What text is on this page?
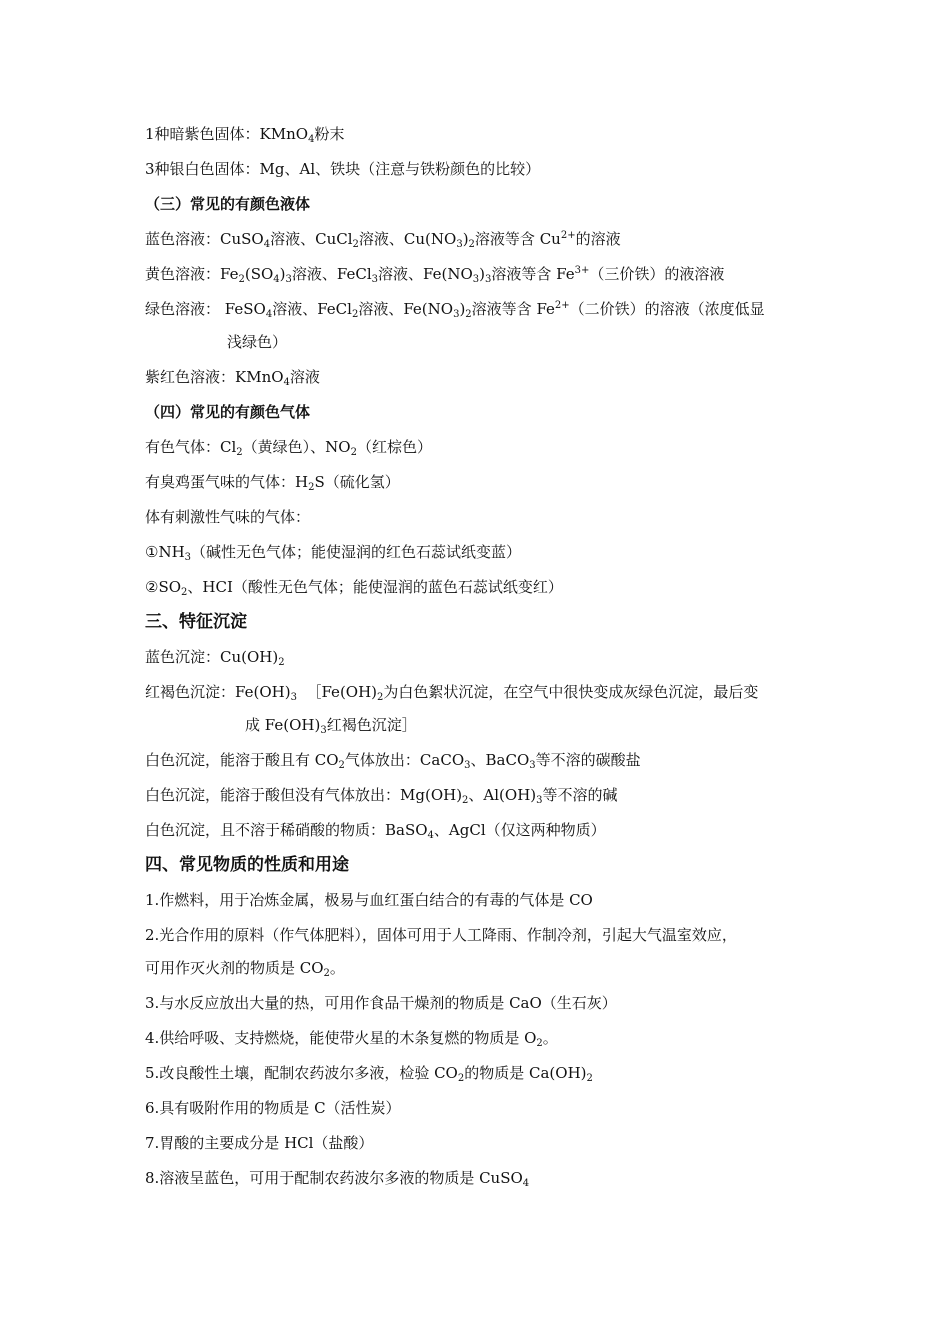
1种暗紫色固体：KMnO$_4$粉末
3种银白色固体：Mg、Al、铁块（注意与铁粉颜色的比较）
（三）常见的有颜色液体
蓝色溶液：CuSO$_4$溶液、CuCl$_2$溶液、$Cu(NO_3)_2$溶液等含 $Cu^{2+}$的溶液
黄色溶液：$Fe_2(SO_4)_3$溶液、FeCl$_3$溶液、$Fe(NO_3)_3$溶液等含 $Fe^{3+}$（三价铁）的液溶液
绿色溶液： FeSO$_4$溶液、FeCl$_2$溶液、$Fe(NO_3)_2$溶液等含 $Fe^{2+}$（二价铁）的溶液（浓度低显
浅绿色）
紫红色溶液：KMnO$_4$溶液
（四）常见的有颜色气体
有色气体：$Cl_2$（黄绿色）、$NO_2$（红棕色）
有臭鸡蛋气味的气体：$H_2S$（硫化氢）
体有刺激性气味的气体：
$①NH_3$（碱性无色气体；能使湿润的红色石蕊试纸变蓝）
$②SO_2$、HCI（酸性无色气体；能使湿润的蓝色石蕊试纸变红）
三、特征沉淀
蓝色沉淀：$Cu(OH)_2$
红褐色沉淀：$Fe(OH)_3$  $[Fe(OH)_2$为白色絮状沉淀，在空气中很快变成灰绿色沉淀，最后变
成 $Fe(OH)_3$红褐色沉淀］
白色沉淀，能溶于酸且有 $CO_2$气体放出：CaCO$_3$、BaCO$_3$等不溶的碳酸盐
白色沉淀，能溶于酸但没有气体放出：$Mg(OH)_2$、$Al(OH)_3$等不溶的碱
白色沉淀，且不溶于稀硝酸的物质：BaSO$_4$、AgCl（仅这两种物质）
四、常见物质的性质和用途
1.作燃料，用于冶炼金属，极易与血红蛋白结合的有毒的气体是 CO
2.光合作用的原料（作气体肥料），固体可用于人工降雨、作制冷剂，引起大气温室效应，
可用作灭火剂的物质是 $CO_2$。
3.与水反应放出大量的热，可用作食品干燥剂的物质是 CaO（生石灰）
4.供给呼吸、支持燃烧，能使带火星的木条复燃的物质是 $O_2$。
5.改良酸性土壤，配制农药波尔多液，检验 $CO_2$的物质是 $Ca(OH)_2$
6.具有吸附作用的物质是 C（活性炭）
7.胃酸的主要成分是 HCl（盐酸）
8.溶液呈蓝色，可用于配制农药波尔多液的物质是 CuSO$_4$
